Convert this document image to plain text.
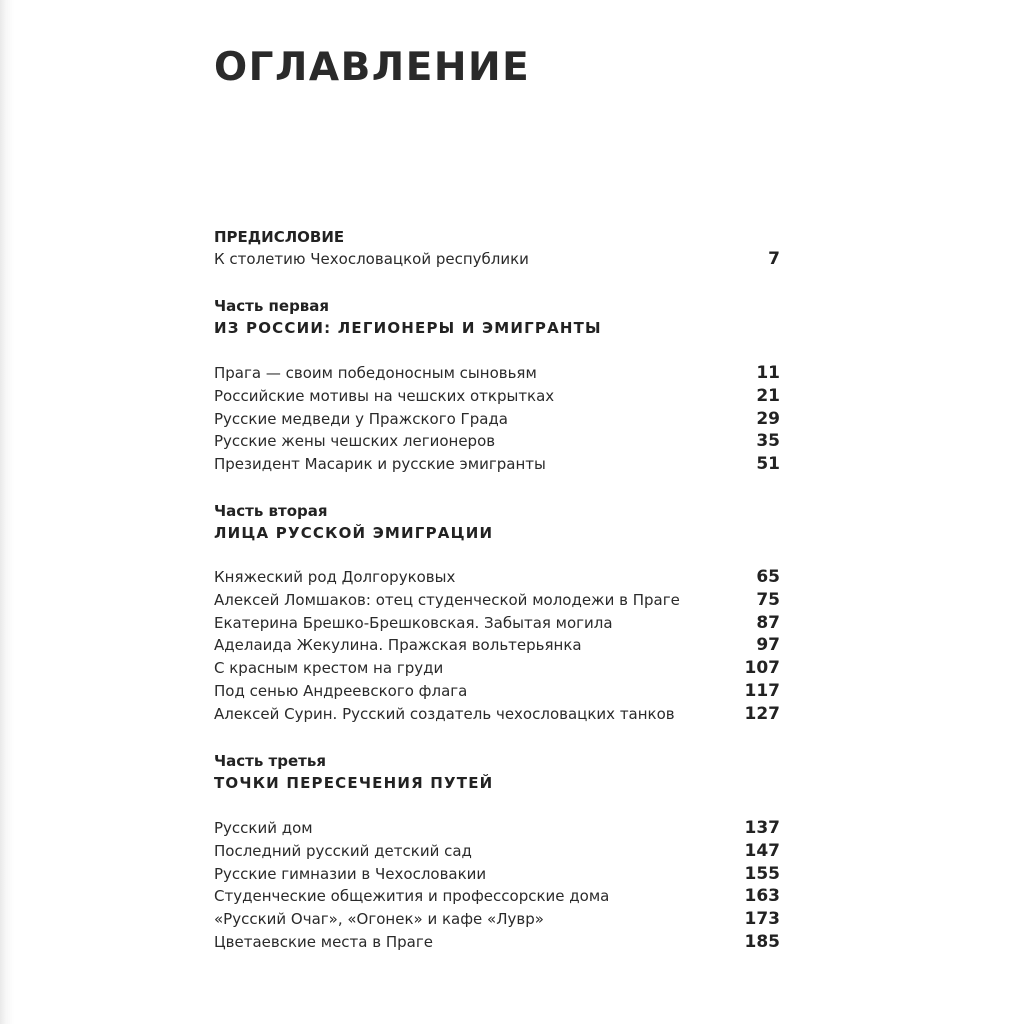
ОГЛАВЛЕНИЕ
ПРЕДИСЛОВИЕ
К столетию Чехословацкой республики	7
Часть первая
ИЗ РОССИИ: ЛЕГИОНЕРЫ И ЭМИГРАНТЫ
Прага — своим победоносным сыновьям	11
Российские мотивы на чешских открытках	21
Русские медведи у Пражского Града	29
Русские жены чешских легионеров	35
Президент Масарик и русские эмигранты	51
Часть вторая
ЛИЦА РУССКОЙ ЭМИГРАЦИИ
Княжеский род Долгоруковых	65
Алексей Ломшаков: отец студенческой молодежи в Праге	75
Екатерина Брешко-Брешковская. Забытая могила	87
Аделаида Жекулина. Пражская вольтерьянка	97
С красным крестом на груди	107
Под сенью Андреевского флага	117
Алексей Сурин. Русский создатель чехословацких танков	127
Часть третья
ТОЧКИ ПЕРЕСЕЧЕНИЯ ПУТЕЙ
Русский дом	137
Последний русский детский сад	147
Русские гимназии в Чехословакии	155
Студенческие общежития и профессорские дома	163
«Русский Очаг», «Огонек» и кафе «Лувр»	173
Цветаевские места в Праге	185
